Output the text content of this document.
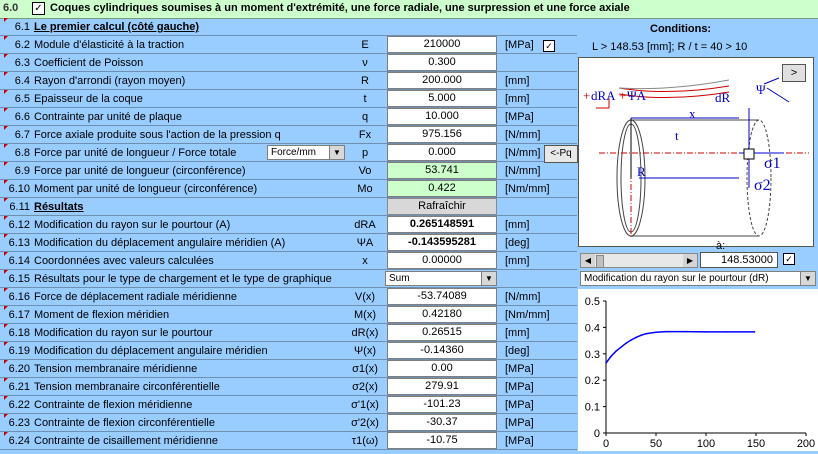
6.0 ✓ Coques cylindriques soumises à un moment d'extrémité, une force radiale, une surpression et une force axiale
6.1 Le premier calcul (côté gauche)
6.2 Module d'élasticité à la traction	E	210000	[MPa]
6.3 Coefficient de Poisson	ν	0.300
6.4 Rayon d'arrondi (rayon moyen)	R	200.000	[mm]
6.5 Epaisseur de la coque	t	5.000	[mm]
6.6 Contrainte par unité de plaque	q	10.000	[MPa]
6.7 Force axiale produite sous l'action de la pression q	Fx	975.156	[N/mm]
6.8 Force par unité de longueur / Force totale	p	0.000	[N/mm]
6.9 Force par unité de longueur (circonférence)	Vo	53.741	[N/mm]
6.10 Moment par unité de longueur (circonférence)	Mo	0.422	[Nm/mm]
6.11 Résultats
6.12 Modification du rayon sur le pourtour (A)	dRA	0.265148591	[mm]
6.13 Modification du déplacement angulaire méridien (A)	ΨA	-0.143595281	[deg]
6.14 Coordonnées avec valeurs calculées	x	0.00000	[mm]
6.15 Résultats pour le type de chargement et le type de graphique
6.16 Force de déplacement radiale méridienne	V(x)	-53.74089	[N/mm]
6.17 Moment de flexion méridien	M(x)	0.42180	[Nm/mm]
6.18 Modification du rayon sur le pourtour	dR(x)	0.26515	[mm]
6.19 Modification du déplacement angulaire méridien	Ψ(x)	-0.14360	[deg]
6.20 Tension membranaire méridienne	σ1(x)	0.00	[MPa]
6.21 Tension membranaire circonférentielle	σ2(x)	279.91	[MPa]
6.22 Contrainte de flexion méridienne	σ'1(x)	-101.23	[MPa]
6.23 Contrainte de flexion circonférentielle	σ'2(x)	-30.37	[MPa]
6.24 Contrainte de cisaillement méridienne	τ1(ω)	-10.75	[MPa]
Conditions:
L > 148.53 [mm]; R / t = 40 > 10
✓
+ dRA + ΨA	dR
Ψ
x
t
R	σ1
σ2
>
Force/mm	▼	<-Pq
Rafraîchir
Sum	▼
◀	▶
à:
148.53000	✓
Modification du rayon sur le pourtour (dR)	▼
0
0.1
0.2
0.3
0.4
0.5
0	50	100	150	200
